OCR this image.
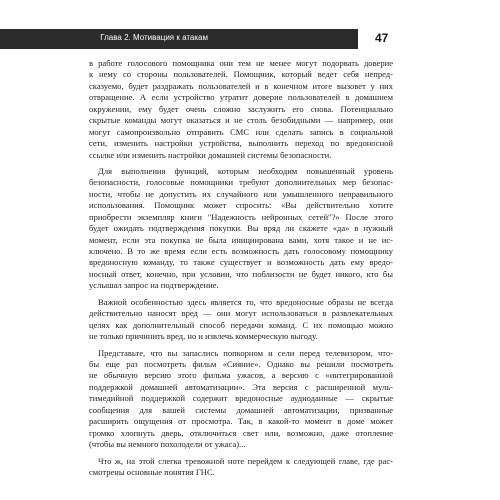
Глава 2. Мотивация к атакам	47
в работе голосового помощника они тем не менее могут подорвать доверие
к нему со стороны пользователей. Помощник, который ведет себя непред-
сказуемо, будет раздражать пользователей и в конечном итоге вызовет у них
отвращение. А если устройство утратит доверие пользователей в домашнем
окружении, ему будет очень сложно заслужить его снова. Потенциально
скрытые команды могут оказаться и не столь безобидными — например, они
могут самопроизвольно отправить СМС или сделать запись в социальной
сети, изменить настройки устройства, выполнить переход по вредоносной
ссылке или изменить настройки домашней системы безопасности.
Для выполнения функций, которым необходим повышенный уровень
безопасности, голосовые помощники требуют дополнительных мер безопас-
ности, чтобы не допустить их случайного или умышленного неправильного
использования. Помощник может спросить: «Вы действительно хотите
приобрести экземпляр книги "Надежность нейронных сетей"?» После этого
будет ожидать подтверждения покупки. Вы вряд ли скажете «да» в нужный
момент, если эта покупка не была инициирована вами, хотя такое и не ис-
ключено. В то же время если есть возможность дать голосовому помощнику
вредоносную команду, то также существует и возможность дать ему вредо-
носный ответ, конечно, при условии, что поблизости не будет никого, кто бы
услышал запрос на подтверждение.
Важной особенностью здесь является то, что вредоносные образы не всегда
действительно наносят вред — они могут использоваться в развлекательных
целях как дополнительный способ передачи команд. С их помощью можно
не только причинить вред, но и извлечь коммерческую выгоду.
Представьте, что вы запаслись попкорном и сели перед телевизором, что-
бы еще раз посмотреть фильм «Сияние». Однако вы решили посмотреть
не обычную версию этого фильма ужасов, а версию с «интегрированной
поддержкой домашней автоматизации». Эта версия с расширенной муль-
тимедийной поддержкой содержит вредоносные аудиоданные — скрытые
сообщения для вашей системы домашней автоматизации, призванные
расширить ощущения от просмотра. Так, в какой-то момент в доме может
громко хлопнуть дверь, отключиться свет или, возможно, даже отопление
(чтобы вы немного похолодели от ужаса)...
Что ж, на этой слегка тревожной ноте перейдем к следующей главе, где рас-
смотрены основные понятия ГНС.
